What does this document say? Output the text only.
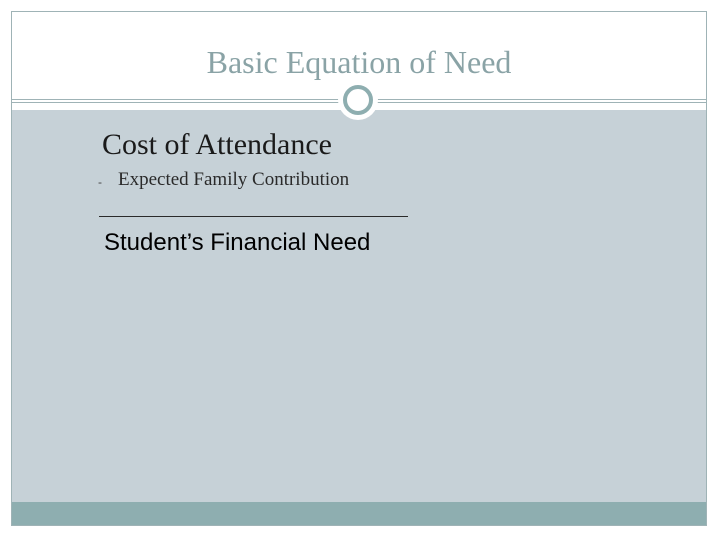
Basic Equation of Need
Cost of Attendance
- Expected Family Contribution
Student’s Financial Need
